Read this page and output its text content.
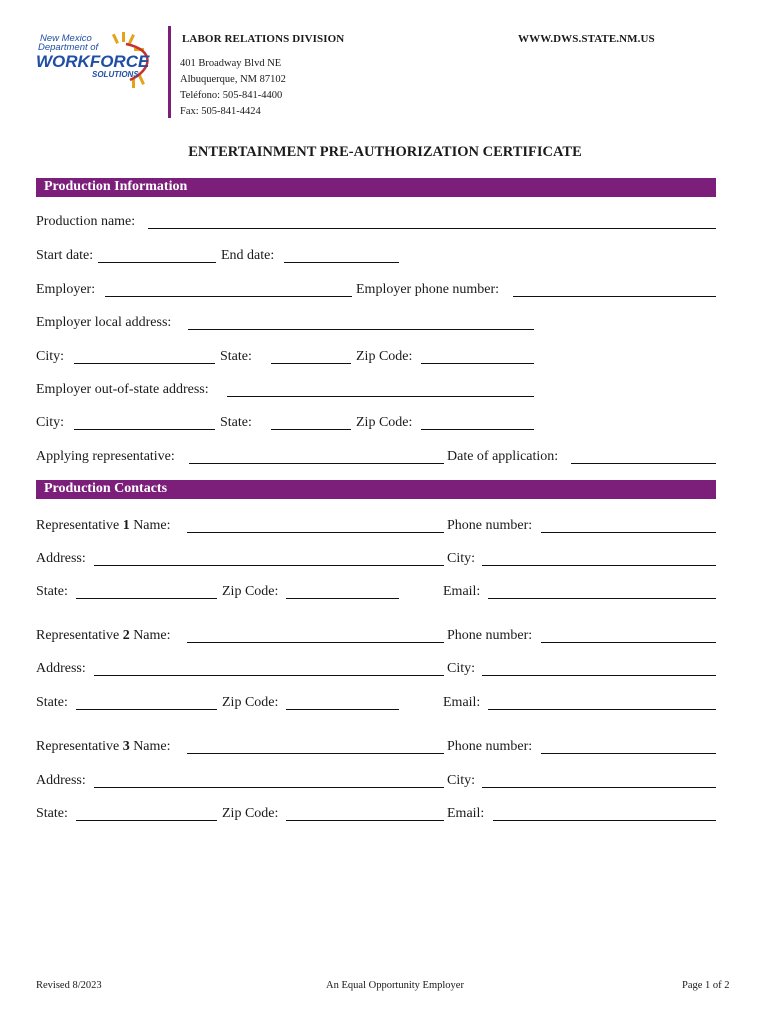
New Mexico
Department of
WORKFORCE
SOLUTIONS
LABOR RELATIONS DIVISION	WWW.DWS.STATE.NM.US
401 Broadway Blvd NE
Albuquerque, NM 87102
Teléfono: 505-841-4400
Fax: 505-841-4424
ENTERTAINMENT PRE-AUTHORIZATION CERTIFICATE
Production Information
Production name:
Start date:	End date:
Employer:	Employer phone number:
Employer local address:
City:	State:	Zip Code:
Employer out-of-state address:
City:	State:	Zip Code:
Applying representative:	Date of application:
Production Contacts
Representative 1 Name:	Phone number:
Address:	City:
State:	Zip Code:	Email:
Representative 2 Name:	Phone number:
Address:	City:
State:	Zip Code:	Email:
Representative 3 Name:	Phone number:
Address:	City:
State:	Zip Code:	Email:
Revised 8/2023	An Equal Opportunity Employer	Page 1 of 2
